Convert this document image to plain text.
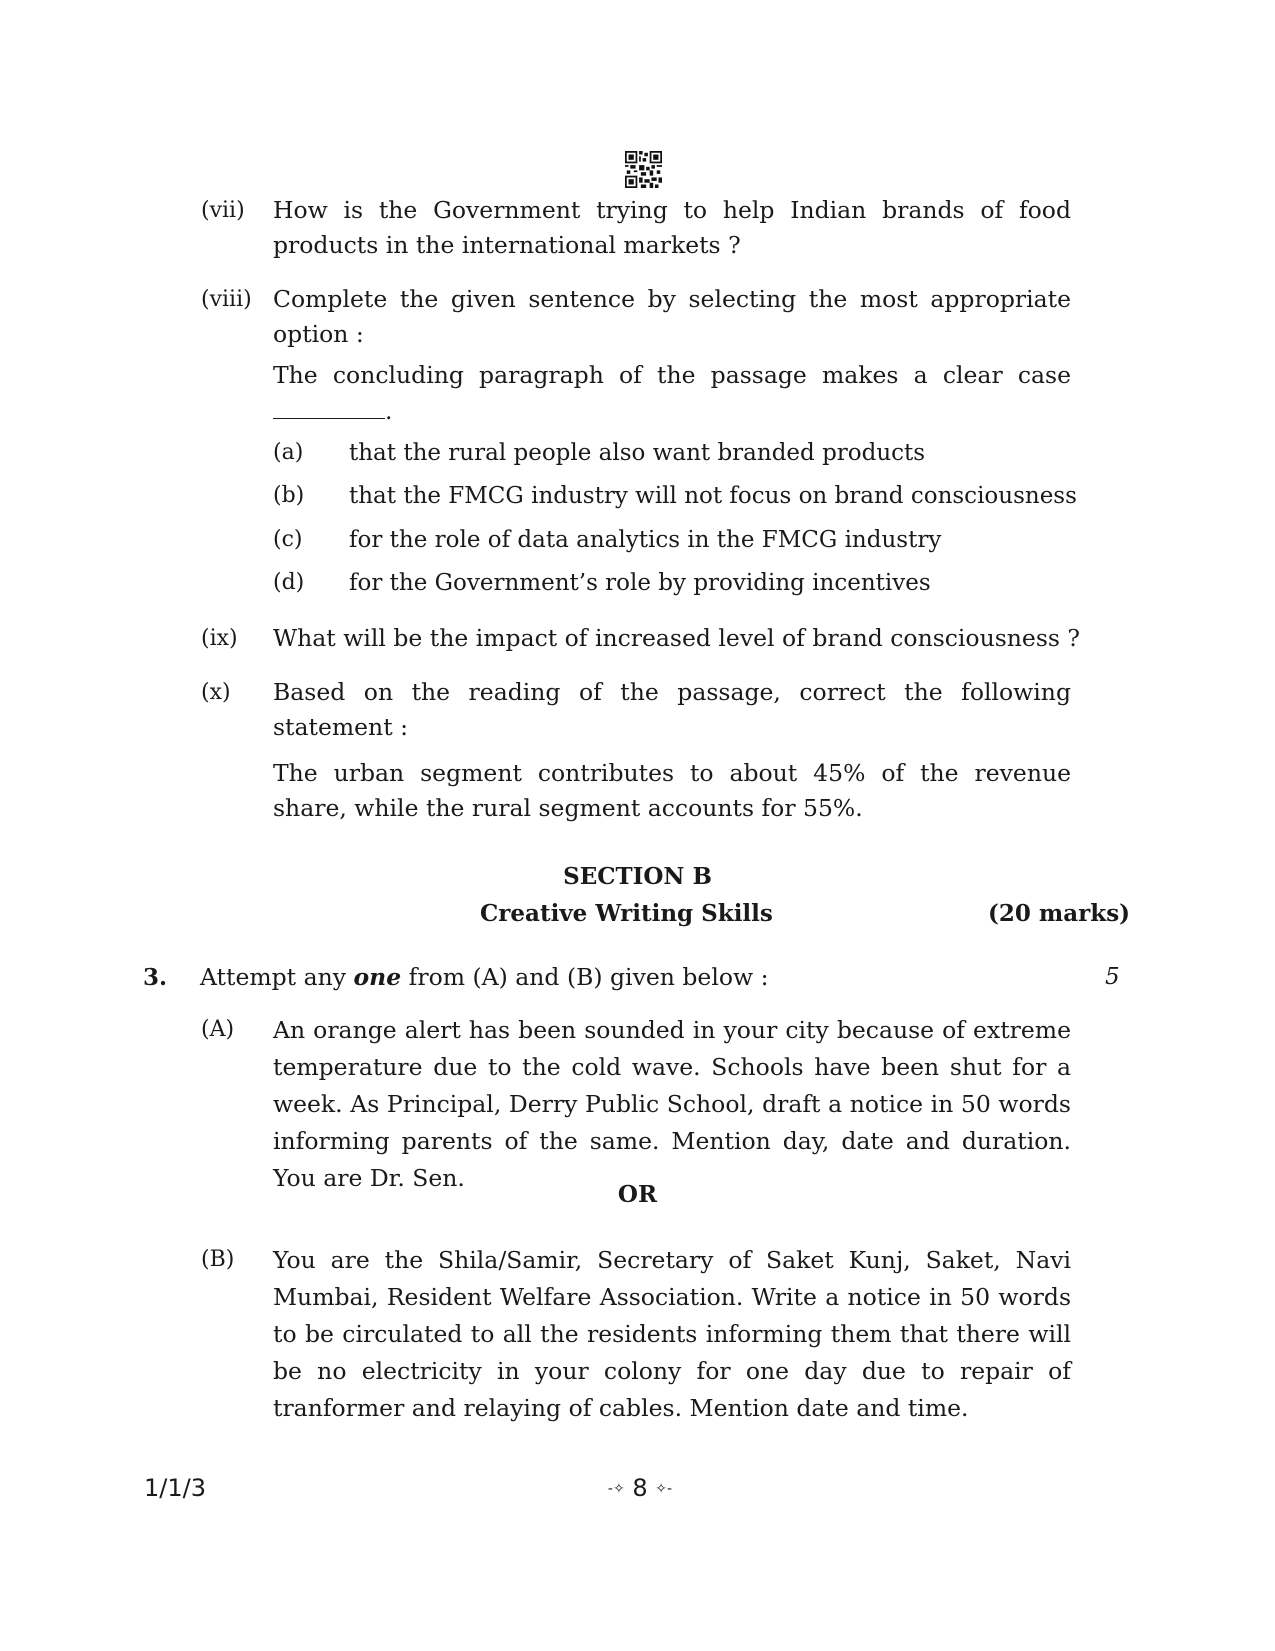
(vii) How is the Government trying to help Indian brands of food products in the international markets ?
(viii) Complete the given sentence by selecting the most appropriate option :
The concluding paragraph of the passage makes a clear case
.
(a) that the rural people also want branded products
(b) that the FMCG industry will not focus on brand consciousness
(c) for the role of data analytics in the FMCG industry
(d) for the Government’s role by providing incentives
(ix) What will be the impact of increased level of brand consciousness ?
(x) Based on the reading of the passage, correct the following statement :
The urban segment contributes to about 45% of the revenue share, while the rural segment accounts for 55%.
SECTION B
Creative Writing Skills	(20 marks)
3. Attempt any one from (A) and (B) given below :	5
(A) An orange alert has been sounded in your city because of extreme temperature due to the cold wave. Schools have been shut for a week. As Principal, Derry Public School, draft a notice in 50 words informing parents of the same. Mention day, date and duration. You are Dr. Sen.
OR
(B) You are the Shila/Samir, Secretary of Saket Kunj, Saket, Navi Mumbai, Resident Welfare Association. Write a notice in 50 words to be circulated to all the residents informing them that there will be no electricity in your colony for one day due to repair of tranformer and relaying of cables. Mention date and time.
1/1/3	-✧ 8 ✧-
